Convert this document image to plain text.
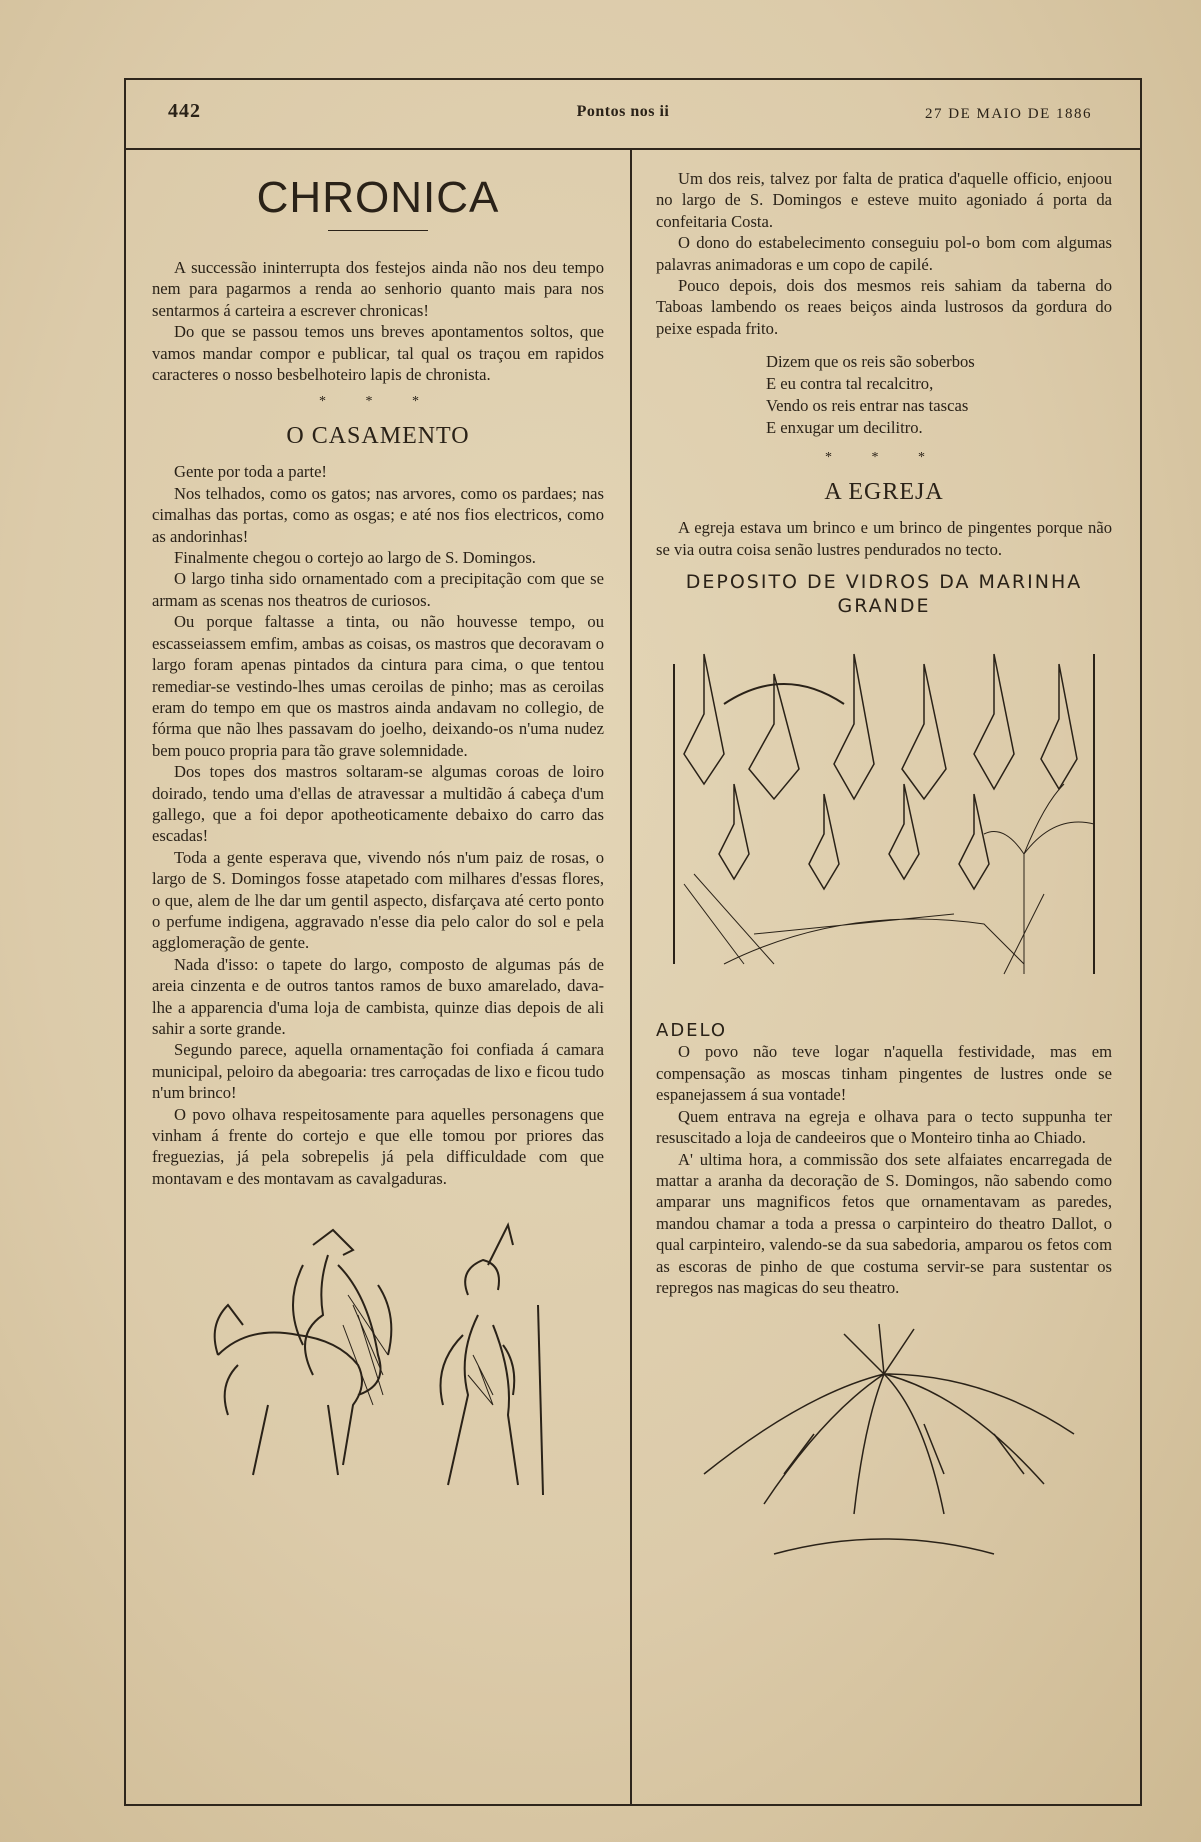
442	Pontos nos ii	27 DE MAIO DE 1886
CHRONICA

A successão ininterrupta dos festejos ainda não nos deu tempo nem para pagarmos a renda ao senhorio quanto mais para nos sentarmos á carteira a escrever chronicas!

Do que se passou temos uns breves apontamentos soltos, que vamos mandar compor e publicar, tal qual os traçou em rapidos caracteres o nosso besbelhoteiro lapis de chronista.

* * *
O CASAMENTO

Gente por toda a parte!

Nos telhados, como os gatos; nas arvores, como os pardaes; nas cimalhas das portas, como as osgas; e até nos fios electricos, como as andorinhas!

Finalmente chegou o cortejo ao largo de S. Domingos.

O largo tinha sido ornamentado com a precipitação com que se armam as scenas nos theatros de curiosos.

Ou porque faltasse a tinta, ou não houvesse tempo, ou escasseiassem emfim, ambas as coisas, os mastros que decoravam o largo foram apenas pintados da cintura para cima, o que tentou remediar-se vestindo-lhes umas ceroilas de pinho; mas as ceroilas eram do tempo em que os mastros ainda andavam no collegio, de fórma que não lhes passavam do joelho, deixando-os n'uma nudez bem pouco propria para tão grave solemnidade.

Dos topes dos mastros soltaram-se algumas coroas de loiro doirado, tendo uma d'ellas de atravessar a multidão á cabeça d'um gallego, que a foi depor apotheoticamente debaixo do carro das escadas!

Toda a gente esperava que, vivendo nós n'um paiz de rosas, o largo de S. Domingos fosse atapetado com milhares d'essas flores, o que, alem de lhe dar um gentil aspecto, disfarçava até certo ponto o perfume indigena, aggravado n'esse dia pelo calor do sol e pela agglomeração de gente.

Nada d'isso: o tapete do largo, composto de algumas pás de areia cinzenta e de outros tantos ramos de buxo amarelado, dava-lhe a apparencia d'uma loja de cambista, quinze dias depois de ali sahir a sorte grande.

Segundo parece, aquella ornamentação foi confiada á camara municipal, peloiro da abegoaria: tres carroçadas de lixo e ficou tudo n'um brinco!

O povo olhava respeitosamente para aquelles personagens que vinham á frente do cortejo e que elle tomou por priores das freguezias, já pela sobrepelis já pela difficuldade com que montavam e des montavam as cavalgaduras.

Um dos reis, talvez por falta de pratica d'aquelle officio, enjoou no largo de S. Domingos e esteve muito agoniado á porta da confeitaria Costa.

O dono do estabelecimento conseguiu pol-o bom com algumas palavras animadoras e um copo de capilé.

Pouco depois, dois dos mesmos reis sahiam da taberna do Taboas lambendo os reaes beiços ainda lustrosos da gordura do peixe espada frito.

Dizem que os reis são soberbos
E eu contra tal recalcitro,
Vendo os reis entrar nas tascas
E enxugar um decilitro.
* * *
A EGREJA

A egreja estava um brinco e um brinco de pingentes porque não se via outra coisa senão lustres pendurados no tecto.

DEPOSITO DE VIDROS DA MARINHA
GRANDE
ADELO

O povo não teve logar n'aquella festividade, mas em compensação as moscas tinham pingentes de lustres onde se espanejassem á sua vontade!

Quem entrava na egreja e olhava para o tecto suppunha ter resuscitado a loja de candeeiros que o Monteiro tinha ao Chiado.

A' ultima hora, a commissão dos sete alfaiates encarregada de mattar a aranha da decoração de S. Domingos, não sabendo como amparar uns magnificos fetos que ornamentavam as paredes, mandou chamar a toda a pressa o carpinteiro do theatro Dallot, o qual carpinteiro, valendo-se da sua sabedoria, amparou os fetos com as escoras de pinho de que costuma servir-se para sustentar os repregos nas magicas do seu theatro.
